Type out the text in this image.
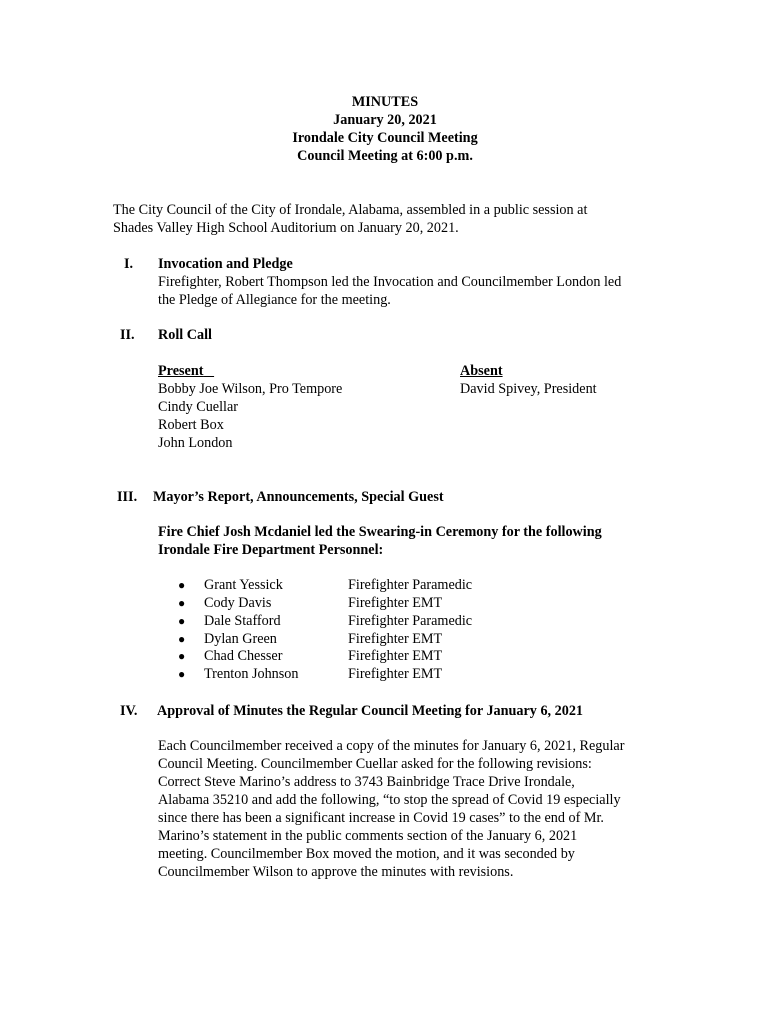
MINUTES
January 20, 2021
Irondale City Council Meeting
Council Meeting at 6:00 p.m.
The City Council of the City of Irondale, Alabama, assembled in a public session at
Shades Valley High School Auditorium on January 20, 2021.
I. Invocation and Pledge
Firefighter, Robert Thompson led the Invocation and Councilmember London led
the Pledge of Allegiance for the meeting.
II. Roll Call
Present
Bobby Joe Wilson, Pro Tempore
Cindy Cuellar
Robert Box
John London
Absent
David Spivey, President
III. Mayor’s Report, Announcements, Special Guest
Fire Chief Josh Mcdaniel led the Swearing-in Ceremony for the following
Irondale Fire Department Personnel:
● Grant Yessick	Firefighter Paramedic
● Cody Davis	Firefighter EMT
● Dale Stafford	Firefighter Paramedic
● Dylan Green	Firefighter EMT
● Chad Chesser	Firefighter EMT
● Trenton Johnson	Firefighter EMT
IV. Approval of Minutes the Regular Council Meeting for January 6, 2021
Each Councilmember received a copy of the minutes for January 6, 2021, Regular
Council Meeting. Councilmember Cuellar asked for the following revisions:
Correct Steve Marino’s address to 3743 Bainbridge Trace Drive Irondale,
Alabama 35210 and add the following, “to stop the spread of Covid 19 especially
since there has been a significant increase in Covid 19 cases” to the end of Mr.
Marino’s statement in the public comments section of the January 6, 2021
meeting. Councilmember Box moved the motion, and it was seconded by
Councilmember Wilson to approve the minutes with revisions.
